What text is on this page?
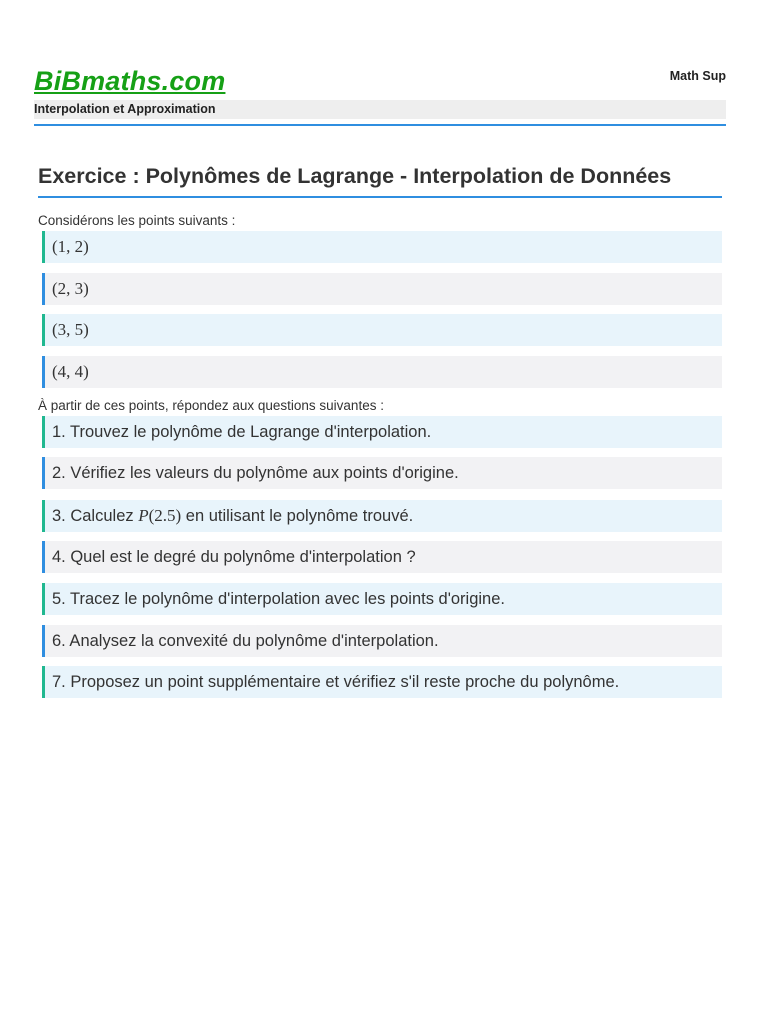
BiBmaths.com	Math Sup
Interpolation et Approximation
Exercice : Polynômes de Lagrange - Interpolation de Données
Considérons les points suivants :
(1, 2)
(2, 3)
(3, 5)
(4, 4)
À partir de ces points, répondez aux questions suivantes :
1. Trouvez le polynôme de Lagrange d'interpolation.
2. Vérifiez les valeurs du polynôme aux points d'origine.
3. Calculez
P(2.5)
en utilisant le polynôme trouvé.
4. Quel est le degré du polynôme d'interpolation ?
5. Tracez le polynôme d'interpolation avec les points d'origine.
6. Analysez la convexité du polynôme d'interpolation.
7. Proposez un point supplémentaire et vérifiez s'il reste proche du polynôme.
